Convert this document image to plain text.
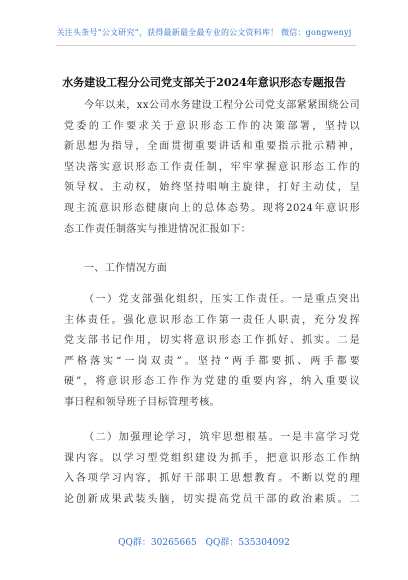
关注头条号“公文研究”，获得最新最全最专业的公文资料库！ 微信：gongwenyj
水务建设工程分公司党支部关于2024年意识形态专题报告
今年以来，xx公司水务建设工程分公司党支部紧紧围绕公司
党委的工作要求关于意识形态工作的决策部署，坚持以
新思想为指导，全面贯彻重要讲话和重要指示批示精神，
坚决落实意识形态工作责任制，牢牢掌握意识形态工作的
领导权、主动权，始终坚持唱响主旋律，打好主动仗，呈
现主流意识形态健康向上的总体态势。现将2024年意识形
态工作责任制落实与推进情况汇报如下：
一、工作情况方面
（一）党支部强化组织，压实工作责任。一是重点突出
主体责任。强化意识形态工作第一责任人职责，充分发挥
党支部书记作用，切实将意识形态工作抓好、抓实。二是
严格落实“一岗双责”。坚持“两手都要抓、两手都要
硬”，将意识形态工作作为党建的重要内容，纳入重要议
事日程和领导班子目标管理考核。
（二）加强理论学习，筑牢思想根基。一是丰富学习党
课内容。以学习型党组织建设为抓手，把意识形态工作纳
入各项学习内容，抓好干部职工思想教育。不断以党的理
论创新成果武装头脑，切实提高党员干部的政治素质。二
QQ群：30265665 QQ群：535304092
